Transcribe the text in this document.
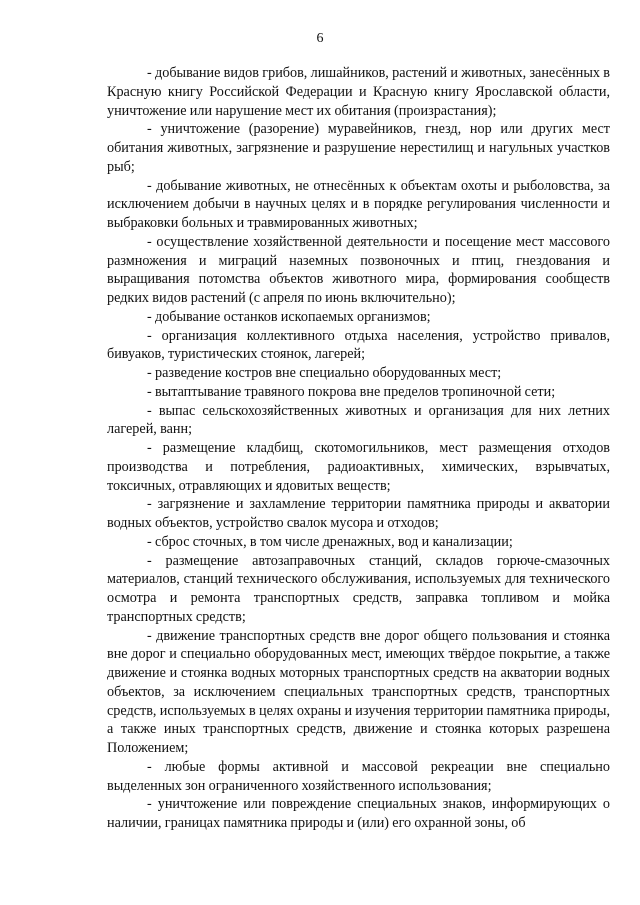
6

- добывание видов грибов, лишайников, растений и животных, занесённых в Красную книгу Российской Федерации и Красную книгу Ярославской области, уничтожение или нарушение мест их обитания (произрастания);

- уничтожение (разорение) муравейников, гнезд, нор или других мест обитания животных, загрязнение и разрушение нерестилищ и нагульных участков рыб;

- добывание животных, не отнесённых к объектам охоты и рыболовства, за исключением добычи в научных целях и в порядке регулирования численности и выбраковки больных и травмированных животных;

- осуществление хозяйственной деятельности и посещение мест массового размножения и миграций наземных позвоночных и птиц, гнездования и выращивания потомства объектов животного мира, формирования сообществ редких видов растений (с апреля по июнь включительно);

- добывание останков ископаемых организмов;

- организация коллективного отдыха населения, устройство привалов, бивуаков, туристических стоянок, лагерей;

- разведение костров вне специально оборудованных мест;

- вытаптывание травяного покрова вне пределов тропиночной сети;

- выпас сельскохозяйственных животных и организация для них летних лагерей, ванн;

- размещение кладбищ, скотомогильников, мест размещения отходов производства и потребления, радиоактивных, химических, взрывчатых, токсичных, отравляющих и ядовитых веществ;

- загрязнение и захламление территории памятника природы и акватории водных объектов, устройство свалок мусора и отходов;

- сброс сточных, в том числе дренажных, вод и канализации;

- размещение автозаправочных станций, складов горюче-смазочных материалов, станций технического обслуживания, используемых для технического осмотра и ремонта транспортных средств, заправка топливом и мойка транспортных средств;

- движение транспортных средств вне дорог общего пользования и стоянка вне дорог и специально оборудованных мест, имеющих твёрдое покрытие, а также движение и стоянка водных моторных транспортных средств на акватории водных объектов, за исключением специальных транспортных средств, транспортных средств, используемых в целях охраны и изучения территории памятника природы, а также иных транспортных средств, движение и стоянка которых разрешена Положением;

- любые формы активной и массовой рекреации вне специально выделенных зон ограниченного хозяйственного использования;

- уничтожение или повреждение специальных знаков, информирующих о наличии, границах памятника природы и (или) его охранной зоны, об
